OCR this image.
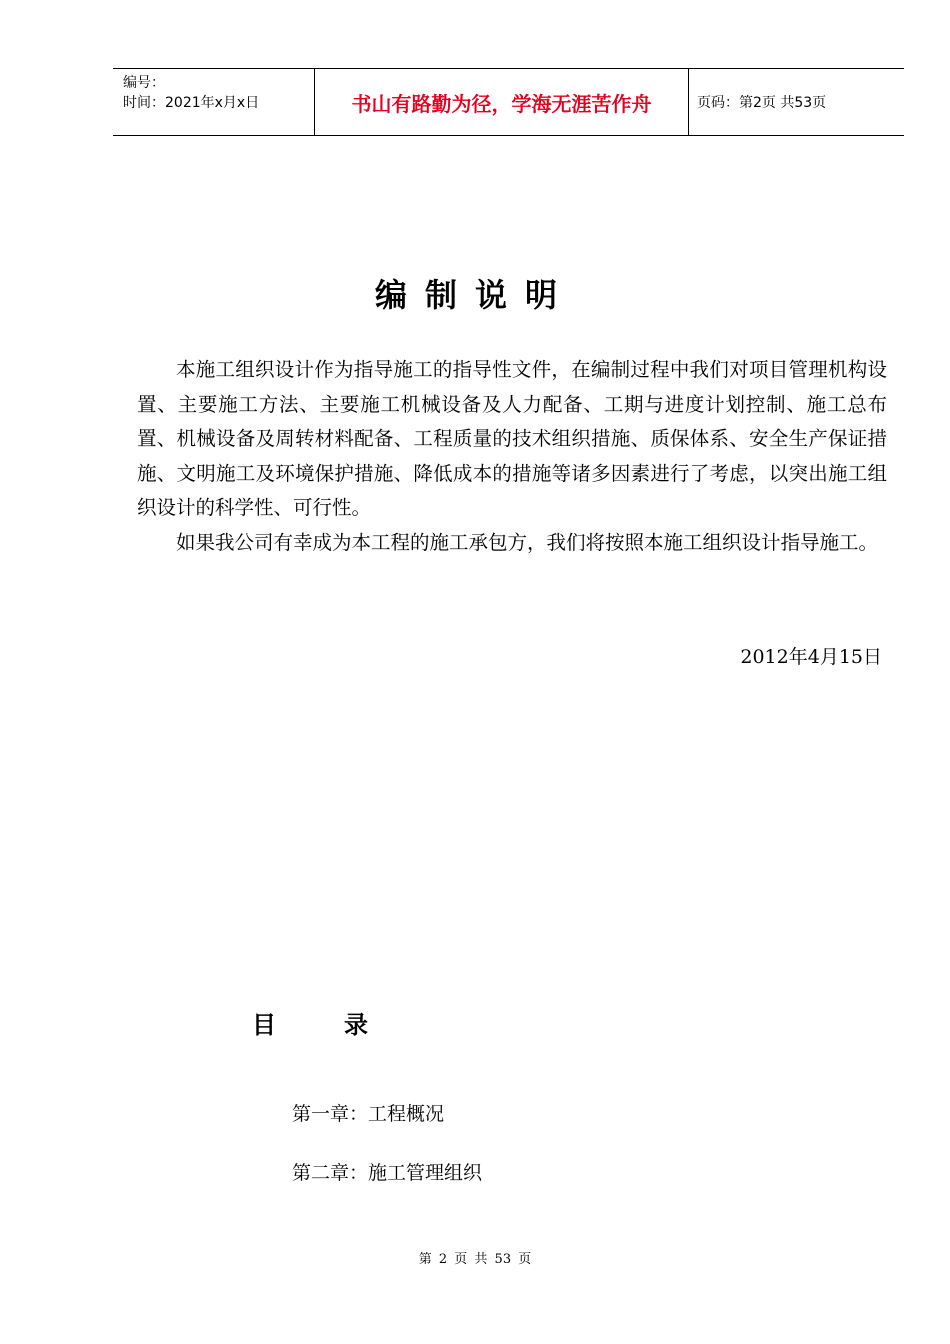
编号：
时间：2021年x月x日	书山有路勤为径，学海无涯苦作舟	页码：第2页 共53页
编制说明

本施工组织设计作为指导施工的指导性文件，在编制过程中我们对项目管理机构设置、主要施工方法、主要施工机械设备及人力配备、工期与进度计划控制、施工总布置、机械设备及周转材料配备、工程质量的技术组织措施、质保体系、安全生产保证措施、文明施工及环境保护措施、降低成本的措施等诸多因素进行了考虑，以突出施工组织设计的科学性、可行性。

如果我公司有幸成为本工程的施工承包方，我们将按照本施工组织设计指导施工。

2012年4月15日
目	录
第一章：工程概况
第二章：施工管理组织
第 2 页 共 53 页
